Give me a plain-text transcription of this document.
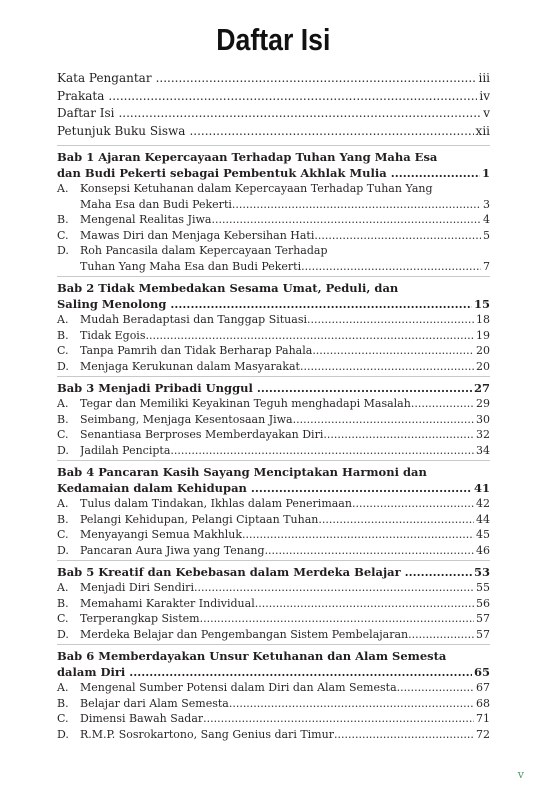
Daftar Isi
Kata Pengantar .....	iii
Prakata .....	iv
Daftar Isi .....	v
Petunjuk Buku Siswa .....	xii
Bab 1 Ajaran Kepercayaan Terhadap Tuhan Yang Maha Esa
dan Budi Pekerti sebagai Pembentuk Akhlak Mulia .....	1
A.	Konsepsi Ketuhanan dalam Kepercayaan Terhadap Tuhan Yang
Maha Esa dan Budi Pekerti .....	3
B.	Mengenal Realitas Jiwa .....	4
C.	Mawas Diri dan Menjaga Kebersihan Hati .....	5
D.	Roh Pancasila dalam Kepercayaan Terhadap
Tuhan Yang Maha Esa dan Budi Pekerti .....	7
Bab 2 Tidak Membedakan Sesama Umat, Peduli, dan
Saling Menolong .....	15
A.	Mudah Beradaptasi dan Tanggap Situasi .....	18
B.	Tidak Egois .....	19
C.	Tanpa Pamrih dan Tidak Berharap Pahala .....	20
D.	Menjaga Kerukunan dalam Masyarakat .....	20
Bab 3 Menjadi Pribadi Unggul .....	27
A.	Tegar dan Memiliki Keyakinan Teguh menghadapi Masalah .....	29
B.	Seimbang, Menjaga Kesentosaan Jiwa .....	30
C.	Senantiasa Berproses Memberdayakan Diri .....	32
D.	Jadilah Pencipta .....	34
Bab 4 Pancaran Kasih Sayang Menciptakan Harmoni dan
Kedamaian dalam Kehidupan .....	41
A.	Tulus dalam Tindakan, Ikhlas dalam Penerimaan .....	42
B.	Pelangi Kehidupan, Pelangi Ciptaan Tuhan .....	44
C.	Menyayangi Semua Makhluk .....	45
D.	Pancaran Aura Jiwa yang Tenang .....	46
Bab 5 Kreatif dan Kebebasan dalam Merdeka Belajar .....	53
A.	Menjadi Diri Sendiri .....	55
B.	Memahami Karakter Individual .....	56
C.	Terperangkap Sistem .....	57
D.	Merdeka Belajar dan Pengembangan Sistem Pembelajaran .....	57
Bab 6 Memberdayakan Unsur Ketuhanan dan Alam Semesta
dalam Diri .....	65
A.	Mengenal Sumber Potensi dalam Diri dan Alam Semesta .....	67
B.	Belajar dari Alam Semesta .....	68
C.	Dimensi Bawah Sadar .....	71
D.	R.M.P. Sosrokartono, Sang Genius dari Timur .....	72
v
